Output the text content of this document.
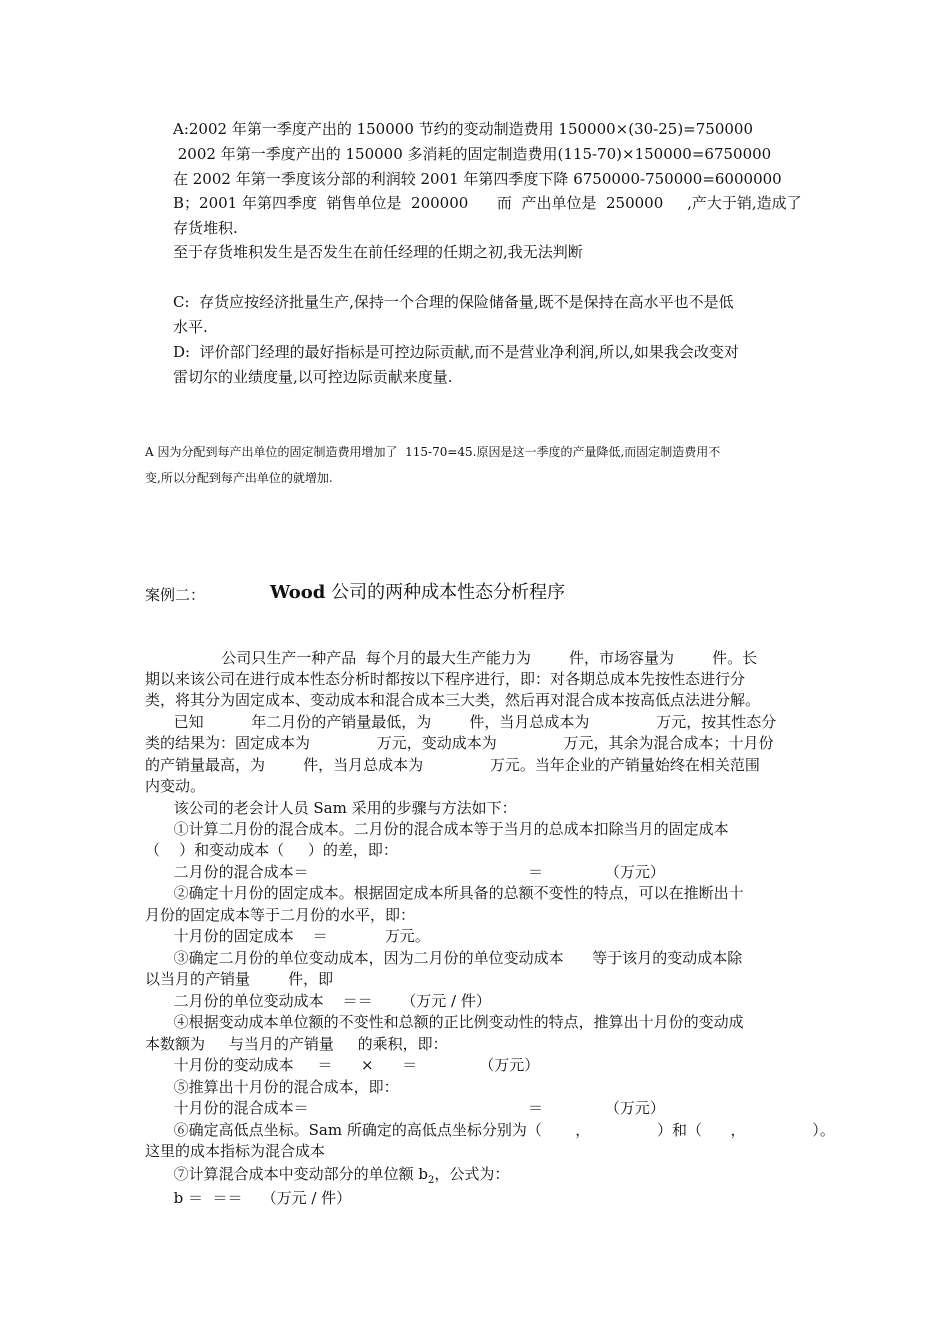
A:2002 年第一季度产出的 150000 节约的变动制造费用 150000×(30-25)=750000
2002 年第一季度产出的 150000 多消耗的固定制造费用(115-70)×150000=6750000
在 2002 年第一季度该分部的利润较 2001 年第四季度下降 6750000-750000=6000000
B；2001 年第四季度  销售单位是  200000      而  产出单位是  250000     ,产大于销,造成了
存货堆积.
至于存货堆积发生是否发生在前任经理的任期之初,我无法判断
C:  存货应按经济批量生产,保持一个合理的保险储备量,既不是保持在高水平也不是低
水平.
D:  评价部门经理的最好指标是可控边际贡献,而不是营业净利润,所以,如果我会改变对
雷切尔的业绩度量,以可控边际贡献来度量.
A 因为分配到每产出单位的固定制造费用增加了  115-70=45.原因是这一季度的产量降低,而固定制造费用不
变,所以分配到每产出单位的就增加.
案例二：	Wood 公司的两种成本性态分析程序
公司只生产一种产品  每个月的最大生产能力为        件，市场容量为        件。长
期以来该公司在进行成本性态分析时都按以下程序进行，即：对各期总成本先按性态进行分
类，将其分为固定成本、变动成本和混合成本三大类，然后再对混合成本按高低点法进分解。
已知          年二月份的产销量最低，为        件，当月总成本为              万元，按其性态分
类的结果为：固定成本为              万元，变动成本为              万元，其余为混合成本；十月份
的产销量最高，为        件，当月总成本为              万元。当年企业的产销量始终在相关范围
内变动。
该公司的老会计人员 Sam 采用的步骤与方法如下：
①计算二月份的混合成本。二月份的混合成本等于当月的总成本扣除当月的固定成本
（    ）和变动成本（     ）的差，即：
二月份的混合成本＝                                              ＝             （万元）
②确定十月份的固定成本。根据固定成本所具备的总额不变性的特点，可以在推断出十
月份的固定成本等于二月份的水平，即：
十月份的固定成本    ＝            万元。
③确定二月份的单位变动成本，因为二月份的单位变动成本      等于该月的变动成本除
以当月的产销量        件，即
二月份的单位变动成本    ＝＝      （万元 / 件）
④根据变动成本单位额的不变性和总额的正比例变动性的特点，推算出十月份的变动成
本数额为     与当月的产销量     的乘积，即：
十月份的变动成本     ＝      ×      ＝             （万元）
⑤推算出十月份的混合成本，即：
十月份的混合成本＝                                              ＝             （万元）
⑥确定高低点坐标。Sam 所确定的高低点坐标分别为（       ，              ）和（      ，              ）。
这里的成本指标为混合成本
⑦计算混合成本中变动部分的单位额 $b_2$，公式为：
b ＝  ＝＝    （万元 / 件）
